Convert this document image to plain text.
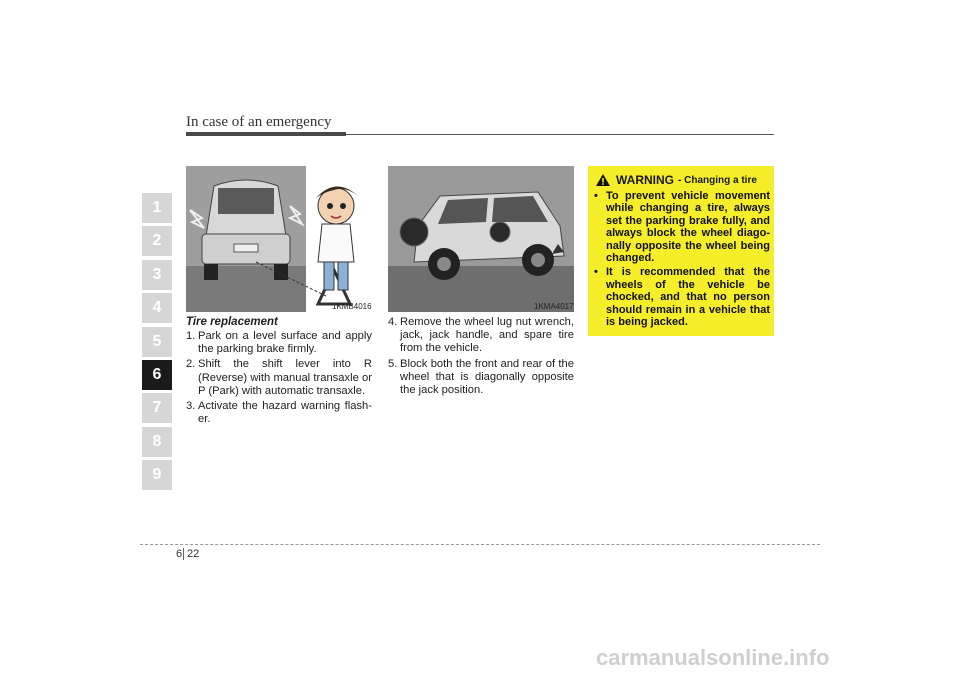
In case of an emergency
1
2
3
4
5
6
7
8
9
1KMB4016	1KMA4017
Tire replacement
1. Park on a level surface and apply the parking brake firmly.
2. Shift the shift lever into R (Reverse) with manual transaxle or P (Park) with automatic transaxle.
3. Activate the hazard warning flash-er.
4. Remove the wheel lug nut wrench, jack, jack handle, and spare tire from the vehicle.
5. Block both the front and rear of the wheel that is diagonally opposite the jack position.
WARNING - Changing a tire
• To prevent vehicle movement while changing a tire, always set the parking brake fully, and always block the wheel diago-nally opposite the wheel being changed.
• It is recommended that the wheels of the vehicle be chocked, and that no person should remain in a vehicle that is being jacked.
6 22
carmanualsonline.info
